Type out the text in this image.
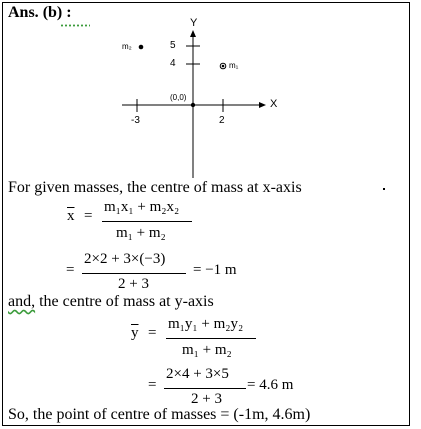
Ans. (b) :
Y
X
5
4
(0,0)
-3	2
m₂
m₁
For given masses, the centre of mass at x-axis
$\overline{x}$ =
m₁x₁ + m₂x₂
m₁ + m₂
=
2×2 + 3×(−3)
2 + 3
= −1 m
and, the centre of mass at y-axis
$\overline{y}$ =
m₁y₁ + m₂y₂
m₁ + m₂
=
2×4 + 3×5
2 + 3
= 4.6 m
So, the point of centre of masses = (-1m, 4.6m)
